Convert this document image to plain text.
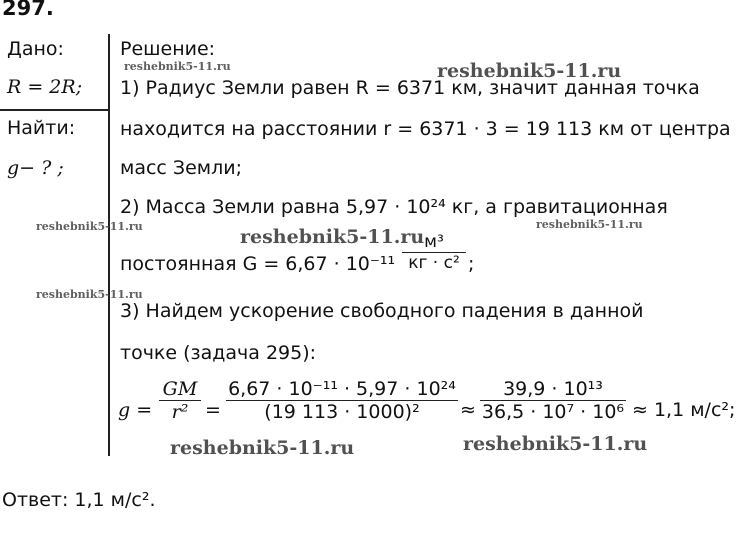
297.
Дано:
R = 2R;
Найти:
g− ? ;
Решение:
1) Радиус Земли равен R = 6371 км, значит данная точка
находится на расстоянии r = 6371 · 3 = 19 113 км от центра
масс Земли;
2) Масса Земли равна 5,97 · 10²⁴ кг, а гравитационная
постоянная G = 6,67 · 10⁻¹¹
м³
кг · с² ;
3) Найдем ускорение свободного падения в данной
точке (задача 295):
$g = \frac{GM}{\text{r²}} = \frac{\text{6,67 · 10⁻¹¹ · 5,97 · 10²⁴}}{\text{(19 113 · 1000)²}} \approx \frac{\text{39,9 · 10¹³}}{\text{36,5 · 10⁷ · 10⁶}} \approx 1,1$ м/с²;
Ответ: 1,1 м/с².
reshebnik5-11.ru	reshebnik5-11.ru
reshebnik5-11.ru	reshebnik5-11.ru
reshebnik5-11.ru
reshebnik5-11.ru
reshebnik5-11.ru	reshebnik5-11.ru
